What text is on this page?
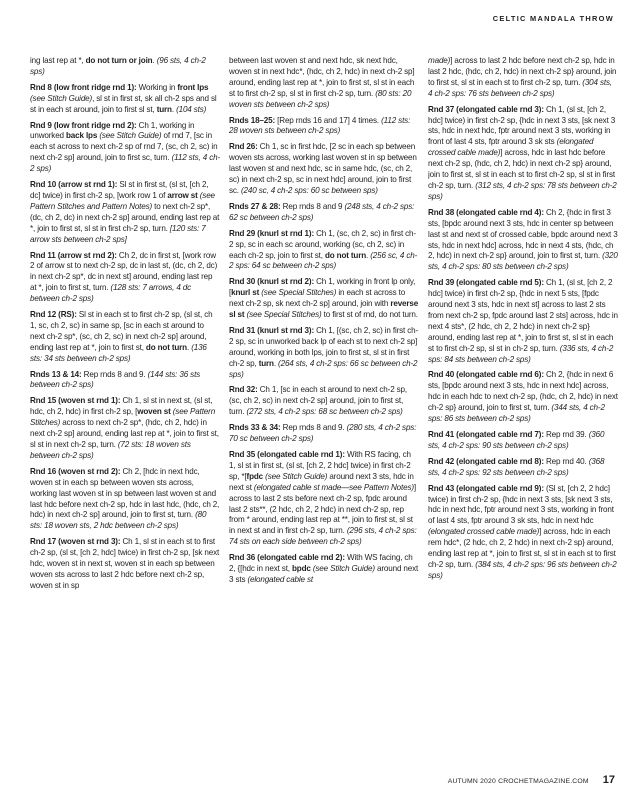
CELTIC MANDALA THROW

ing last rep at *, do not turn or join. (96 sts, 4 ch-2 sps)

Rnd 8 (low front ridge rnd 1): Working in front lps (see Stitch Guide), sl st in first st, sk all ch-2 sps and sl st in each st around, join to first sl st, turn. (104 sts)

Rnd 9 (low front ridge rnd 2): Ch 1, working in unworked back lps (see Stitch Guide) of rnd 7, [sc in each st across to next ch-2 sp of rnd 7, (sc, ch 2, sc) in next ch-2 sp] around, join to first sc, turn. (112 sts, 4 ch-2 sps)

Rnd 10 (arrow st rnd 1): Sl st in first st, (sl st, [ch 2, dc] twice) in first ch-2 sp, [work row 1 of arrow st (see Pattern Stitches and Pattern Notes) to next ch-2 sp*, (dc, ch 2, dc) in next ch-2 sp] around, ending last rep at *, join to first st, sl st in first ch-2 sp, turn. [120 sts: 7 arrow sts between ch-2 sps]

Rnd 11 (arrow st rnd 2): Ch 2, dc in first st, [work row 2 of arrow st to next ch-2 sp, dc in last st, (dc, ch 2, dc) in next ch-2 sp*, dc in next st] around, ending last rep at *, join to first st, turn. (128 sts: 7 arrows, 4 dc between ch-2 sps)

Rnd 12 (RS): Sl st in each st to first ch-2 sp, (sl st, ch 1, sc, ch 2, sc) in same sp, [sc in each st around to next ch-2 sp*, (sc, ch 2, sc) in next ch-2 sp] around, ending last rep at *, join to first st, do not turn. (136 sts: 34 sts between ch-2 sps)

Rnds 13 & 14: Rep rnds 8 and 9. (144 sts: 36 sts between ch-2 sps)

Rnd 15 (woven st rnd 1): Ch 1, sl st in next st, (sl st, hdc, ch 2, hdc) in first ch-2 sp, [woven st (see Pattern Stitches) across to next ch-2 sp*, (hdc, ch 2, hdc) in next ch-2 sp] around, ending last rep at *, join to first st, sl st in next ch-2 sp, turn. (72 sts: 18 woven sts between ch-2 sps)

Rnd 16 (woven st rnd 2): Ch 2, [hdc in next hdc, woven st in each sp between woven sts across, working last woven st in sp between last woven st and last hdc before next ch-2 sp, hdc in last hdc, (hdc, ch 2, hdc) in next ch-2 sp] around, join to first st, turn. (80 sts: 18 woven sts, 2 hdc between ch-2 sps)

Rnd 17 (woven st rnd 3): Ch 1, sl st in each st to first ch-2 sp, (sl st, [ch 2, hdc] twice) in first ch-2 sp, [sk next hdc, woven st in next st, woven st in each sp between woven sts across to last 2 hdc before next ch-2 sp, woven st in sp

between last woven st and next hdc, sk next hdc, woven st in next hdc*, (hdc, ch 2, hdc) in next ch-2 sp] around, ending last rep at *, join to first st, sl st in each st to first ch-2 sp, sl st in first ch-2 sp, turn. (80 sts: 20 woven sts between ch-2 sps)

Rnds 18–25: [Rep rnds 16 and 17] 4 times. (112 sts: 28 woven sts between ch-2 sps)

Rnd 26: Ch 1, sc in first hdc, [2 sc in each sp between woven sts across, working last woven st in sp between last woven st and next hdc, sc in same hdc, (sc, ch 2, sc) in next ch-2 sp, sc in next hdc] around, join to first sc. (240 sc, 4 ch-2 sps: 60 sc between sps)

Rnds 27 & 28: Rep rnds 8 and 9 (248 sts, 4 ch-2 sps: 62 sc between ch-2 sps)

Rnd 29 (knurl st rnd 1): Ch 1, (sc, ch 2, sc) in first ch-2 sp, sc in each sc around, working (sc, ch 2, sc) in each ch-2 sp, join to first st, do not turn. (256 sc, 4 ch-2 sps: 64 sc between ch-2 sps)

Rnd 30 (knurl st rnd 2): Ch 1, working in front lp only, [knurl st (see Special Stitches) in each st across to next ch-2 sp, sk next ch-2 sp] around, join with reverse sl st (see Special Stitches) to first st of rnd, do not turn.

Rnd 31 (knurl st rnd 3): Ch 1, [(sc, ch 2, sc) in first ch-2 sp, sc in unworked back lp of each st to next ch-2 sp] around, working in both lps, join to first st, sl st in first ch-2 sp, turn. (264 sts, 4 ch-2 sps: 66 sc between ch-2 sps)

Rnd 32: Ch 1, [sc in each st around to next ch-2 sp, (sc, ch 2, sc) in next ch-2 sp] around, join to first st, turn. (272 sts, 4 ch-2 sps: 68 sc between ch-2 sps)

Rnds 33 & 34: Rep rnds 8 and 9. (280 sts, 4 ch-2 sps: 70 sc between ch-2 sps)

Rnd 35 (elongated cable rnd 1): With RS facing, ch 1, sl st in first st, (sl st, [ch 2, 2 hdc] twice) in first ch-2 sp, *[fpdc (see Stitch Guide) around next 3 sts, hdc in next st (elongated cable st made—see Pattern Notes)] across to last 2 sts before next ch-2 sp, fpdc around last 2 sts**, (2 hdc, ch 2, 2 hdc) in next ch-2 sp, rep from * around, ending last rep at **, join to first st, sl st in next st and in first ch-2 sp, turn. (296 sts, 4 ch-2 sps: 74 sts on each side between ch-2 sps)

Rnd 36 (elongated cable rnd 2): With WS facing, ch 2, {[hdc in next st, bpdc (see Stitch Guide) around next 3 sts (elongated cable st

made)] across to last 2 hdc before next ch-2 sp, hdc in last 2 hdc, (hdc, ch 2, hdc) in next ch-2 sp} around, join to first st, sl st in each st to first ch-2 sp, turn. (304 sts, 4 ch-2 sps: 76 sts between ch-2 sps)

Rnd 37 (elongated cable rnd 3): Ch 1, (sl st, [ch 2, hdc] twice) in first ch-2 sp, {hdc in next 3 sts, [sk next 3 sts, hdc in next hdc, fptr around next 3 sts, working in front of last 4 sts, fptr around 3 sk sts (elongated crossed cable made)] across, hdc in last hdc before next ch-2 sp, (hdc, ch 2, hdc) in next ch-2 sp} around, join to first st, sl st in each st to first ch-2 sp, sl st in first ch-2 sp, turn. (312 sts, 4 ch-2 sps: 78 sts between ch-2 sps)

Rnd 38 (elongated cable rnd 4): Ch 2, {hdc in first 3 sts, [bpdc around next 3 sts, hdc in center sp between last st and next st of crossed cable, bpdc around next 3 sts, hdc in next hdc] across, hdc in next 4 sts, (hdc, ch 2, hdc) in next ch-2 sp} around, join to first st, turn. (320 sts, 4 ch-2 sps: 80 sts between ch-2 sps)

Rnd 39 (elongated cable rnd 5): Ch 1, (sl st, [ch 2, 2 hdc] twice) in first ch-2 sp, {hdc in next 5 sts, [fpdc around next 3 sts, hdc in next st] across to last 2 sts from next ch-2 sp, fpdc around last 2 sts] across, hdc in next 4 sts*, (2 hdc, ch 2, 2 hdc) in next ch-2 sp} around, ending last rep at *, join to first st, sl st in each st to first ch-2 sp, sl st in ch-2 sp, turn. (336 sts, 4 ch-2 sps: 84 sts between ch-2 sps)

Rnd 40 (elongated cable rnd 6): Ch 2, {hdc in next 6 sts, [bpdc around next 3 sts, hdc in next hdc] across, hdc in each hdc to next ch-2 sp, (hdc, ch 2, hdc) in next ch-2 sp} around, join to first st, turn. (344 sts, 4 ch-2 sps: 86 sts between ch-2 sps)

Rnd 41 (elongated cable rnd 7): Rep rnd 39. (360 sts, 4 ch-2 sps: 90 sts between ch-2 sps)

Rnd 42 (elongated cable rnd 8): Rep rnd 40. (368 sts, 4 ch-2 sps: 92 sts between ch-2 sps)

Rnd 43 (elongated cable rnd 9): (Sl st, [ch 2, 2 hdc] twice) in first ch-2 sp, {hdc in next 3 sts, [sk next 3 sts, hdc in next hdc, fptr around next 3 sts, working in front of last 4 sts, fptr around 3 sk sts, hdc in next hdc (elongated crossed cable made)] across, hdc in each rem hdc*, (2 hdc, ch 2, 2 hdc) in next ch-2 sp} around, ending last rep at *, join to first st, sl st in each st to first ch-2 sp, turn. (384 sts, 4 ch-2 sps: 96 sts between ch-2 sps)

AUTUMN 2020 CROCHETMAGAZINE.COM 17
